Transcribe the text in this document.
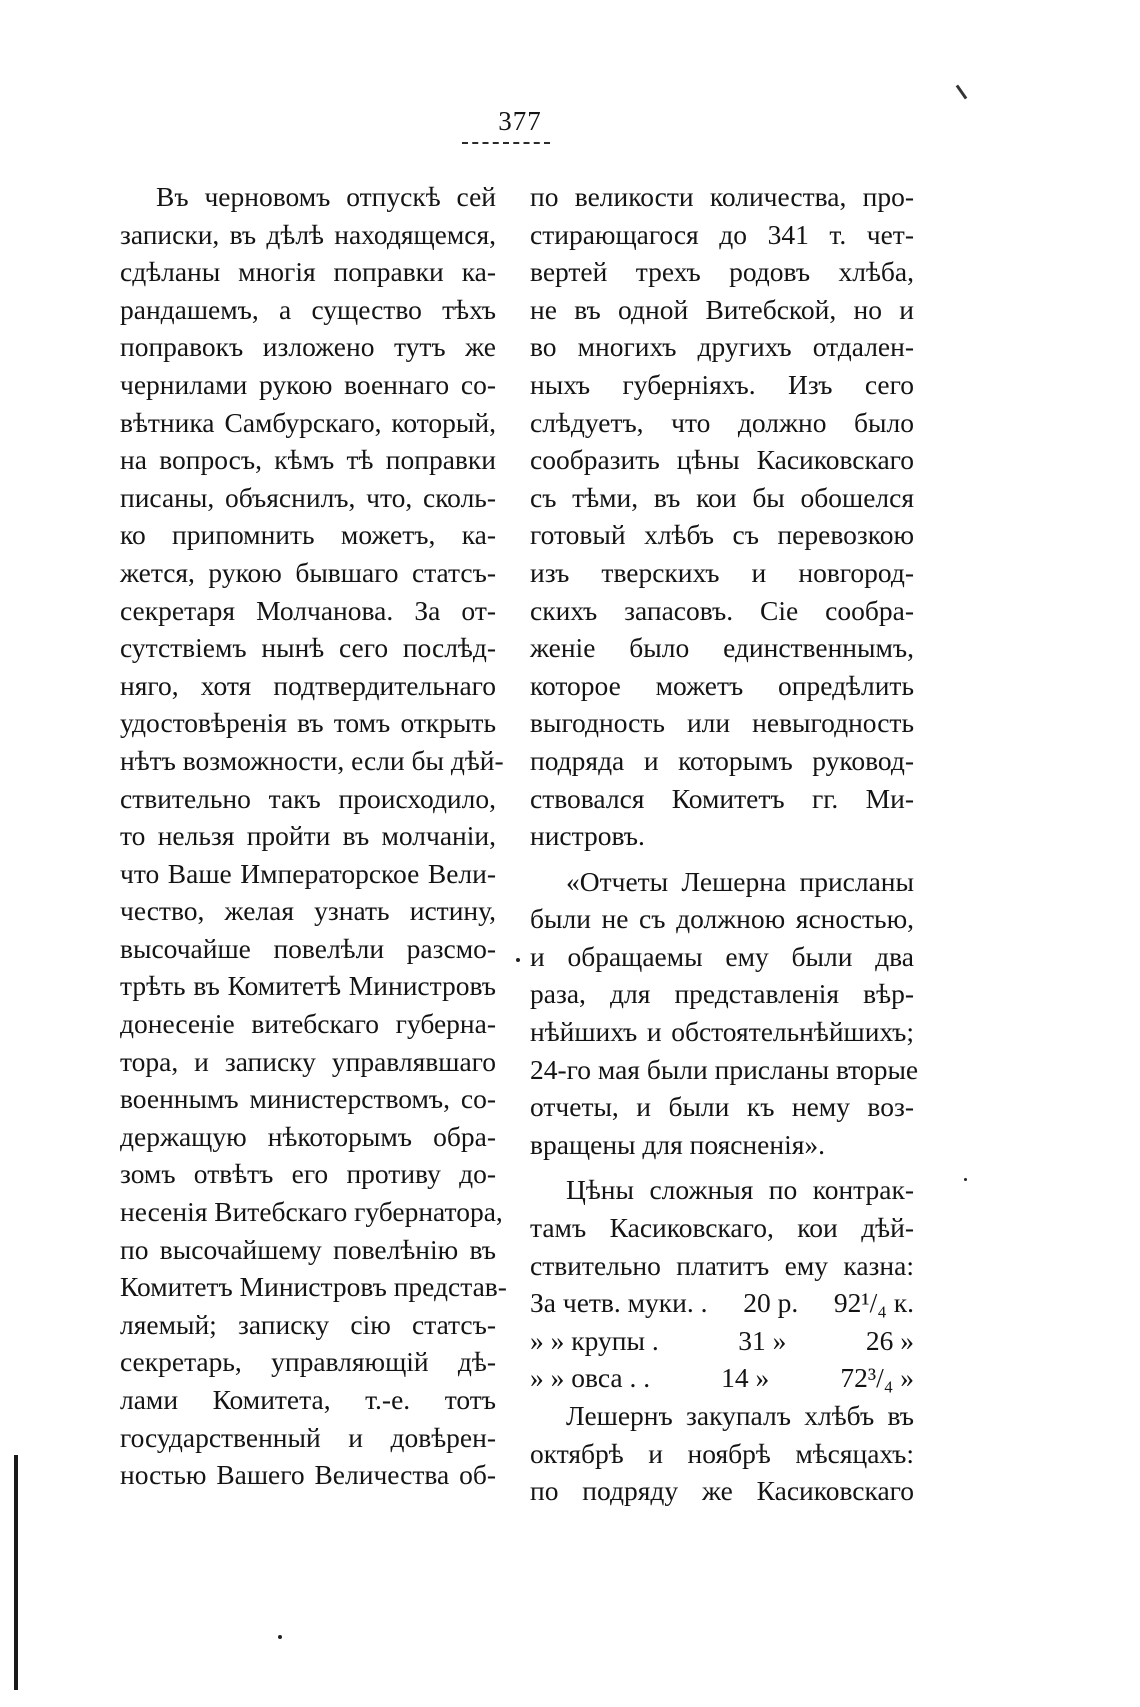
377
Въ черновомъ отпускѣ сей
записки, въ дѣлѣ находящемся,
сдѣланы многія поправки ка-
рандашемъ, а существо тѣхъ
поправокъ изложено тутъ же
чернилами рукою военнаго со-
вѣтника Самбурскаго, который,
на вопросъ, кѣмъ тѣ поправки
писаны, объяснилъ, что, сколь-
ко припомнить можетъ, ка-
жется, рукою бывшаго статсъ-
секретаря Молчанова. За от-
сутствіемъ нынѣ сего послѣд-
няго, хотя подтвердительнаго
удостовѣренія въ томъ открыть
нѣтъ возможности, если бы дѣй-
ствительно такъ происходило,
то нельзя пройти въ молчаніи,
что Ваше Императорское Вели-
чество, желая узнать истину,
высочайше повелѣли разсмо-
трѣть въ Комитетѣ Министровъ
донесеніе витебскаго губерна-
тора, и записку управлявшаго
военнымъ министерствомъ, со-
держащую нѣкоторымъ обра-
зомъ отвѣтъ его противу до-
несенія Витебскаго губернатора,
по высочайшему повелѣнію въ
Комитетъ Министровъ представ-
ляемый; записку сію статсъ-
секретарь, управляющій дѣ-
лами Комитета, т.-е. тотъ
государственный и довѣрен-
ностью Вашего Величества об-
по великости количества, про-
стирающагося до 341 т. чет-
вертей трехъ родовъ хлѣба,
не въ одной Витебской, но и
во многихъ другихъ отдален-
ныхъ губерніяхъ. Изъ сего
слѣдуетъ, что должно было
сообразить цѣны Касиковскаго
съ тѣми, въ кои бы обошелся
готовый хлѣбъ съ перевозкою
изъ тверскихъ и новгород-
скихъ запасовъ. Сіе сообра-
женіе было единственнымъ,
которое можетъ опредѣлить
выгодность или невыгодность
подряда и которымъ руковод-
ствовался Комитетъ гг. Ми-
нистровъ.
«Отчеты Лешерна присланы
были не съ должною ясностью,
и обращаемы ему были два
раза, для представленія вѣр-
нѣйшихъ и обстоятельнѣйшихъ;
24-го мая были присланы вторые
отчеты, и были къ нему воз-
вращены для поясненія».
Цѣны сложныя по контрак-
тамъ Касиковскаго, кои дѣй-
ствительно платитъ ему казна:
За четв. муки. . 20 р. 92¹/₄ к.
» » крупы .	31 »	26 »
» » овса . .	14 »	72³/₄ »
Лешернъ закупалъ хлѣбъ въ
октябрѣ и ноябрѣ мѣсяцахъ:
по подряду же Касиковскаго
